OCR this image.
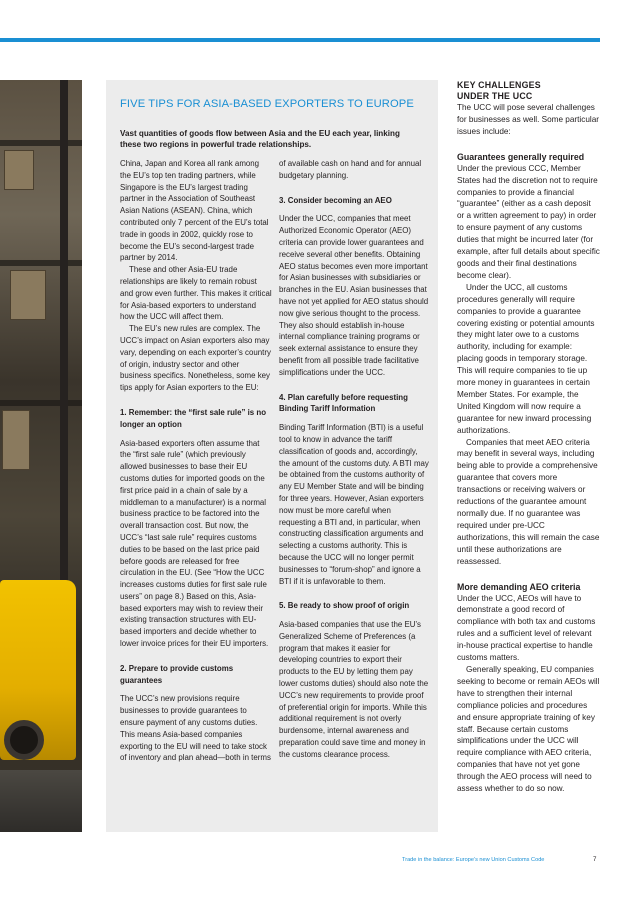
FIVE TIPS FOR ASIA-BASED EXPORTERS TO EUROPE
Vast quantities of goods flow between Asia and the EU each year, linking these two regions in powerful trade relationships.

China, Japan and Korea all rank among the EU’s top ten trading partners, while Singapore is the EU’s largest trading partner in the Association of Southeast Asian Nations (ASEAN). China, which contributed only 7 percent of the EU’s total trade in goods in 2002, quickly rose to become the EU’s second-largest trade partner by 2014.

These and other Asia-EU trade relationships are likely to remain robust and grow even further. This makes it critical for Asia-based exporters to understand how the UCC will affect them.

The EU’s new rules are complex. The UCC’s impact on Asian exporters also may vary, depending on each exporter’s country of origin, industry sector and other business specifics. Nonetheless, some key tips apply for Asian exporters to the EU:

1. Remember: the “first sale rule” is no longer an option

Asia-based exporters often assume that the “first sale rule” (which previously allowed businesses to base their EU customs duties for imported goods on the first price paid in a chain of sale by a middleman to a manufacturer) is a normal business practice to be factored into the overall transaction cost. But now, the UCC’s “last sale rule” requires customs duties to be based on the last price paid before goods are released for free circulation in the EU. (See “How the UCC increases customs duties for first sale rule users” on page 8.) Based on this, Asia-based exporters may wish to review their existing transaction structures with EU-based importers and decide whether to lower invoice prices for their EU importers.

2. Prepare to provide customs guarantees

The UCC’s new provisions require businesses to provide guarantees to ensure payment of any customs duties. This means Asia-based companies exporting to the EU will need to take stock of inventory and plan ahead—both in terms

of available cash on hand and for annual budgetary planning.

3. Consider becoming an AEO

Under the UCC, companies that meet Authorized Economic Operator (AEO) criteria can provide lower guarantees and receive several other benefits. Obtaining AEO status becomes even more important for Asian businesses with subsidiaries or branches in the EU. Asian businesses that have not yet applied for AEO status should now give serious thought to the process. They also should establish in-house internal compliance training programs or seek external assistance to ensure they benefit from all possible trade facilitative simplifications under the UCC.

4. Plan carefully before requesting Binding Tariff Information

Binding Tariff Information (BTI) is a useful tool to know in advance the tariff classification of goods and, accordingly, the amount of the customs duty. A BTI may be obtained from the customs authority of any EU Member State and will be binding for three years. However, Asian exporters now must be more careful when requesting a BTI and, in particular, when constructing classification arguments and selecting a customs authority. This is because the UCC will no longer permit businesses to “forum-shop” and ignore a BTI if it is unfavorable to them.

5. Be ready to show proof of origin

Asia-based companies that use the EU’s Generalized Scheme of Preferences (a program that makes it easier for developing countries to export their products to the EU by letting them pay lower customs duties) should also note the UCC’s new requirements to provide proof of preferential origin for imports. While this additional requirement is not overly burdensome, internal awareness and preparation could save time and money in the customs clearance process.

KEY CHALLENGES

UNDER THE UCC

The UCC will pose several challenges for businesses as well. Some particular issues include:

Guarantees generally required

Under the previous CCC, Member States had the discretion not to require companies to provide a financial “guarantee” (either as a cash deposit or a written agreement to pay) in order to ensure payment of any customs duties that might be incurred later (for example, after full details about specific goods and their final destinations become clear).

Under the UCC, all customs procedures generally will require companies to provide a guarantee covering existing or potential amounts they might later owe to a customs authority, including for example: placing goods in temporary storage. This will require companies to tie up more money in guarantees in certain Member States. For example, the United Kingdom will now require a guarantee for new inward processing authorizations.

Companies that meet AEO criteria may benefit in several ways, including being able to provide a comprehensive guarantee that covers more transactions or receiving waivers or reductions of the guarantee amount normally due. If no guarantee was required under pre-UCC authorizations, this will remain the case until these authorizations are reassessed.

More demanding AEO criteria

Under the UCC, AEOs will have to demonstrate a good record of compliance with both tax and customs rules and a sufficient level of relevant in-house practical expertise to handle customs matters.

Generally speaking, EU companies seeking to become or remain AEOs will have to strengthen their internal compliance policies and procedures and ensure appropriate training of key staff. Because certain customs simplifications under the UCC will require compliance with AEO criteria, companies that have not yet gone through the AEO process will need to assess whether to do so now.

Trade in the balance: Europe’s new Union Customs Code	7
